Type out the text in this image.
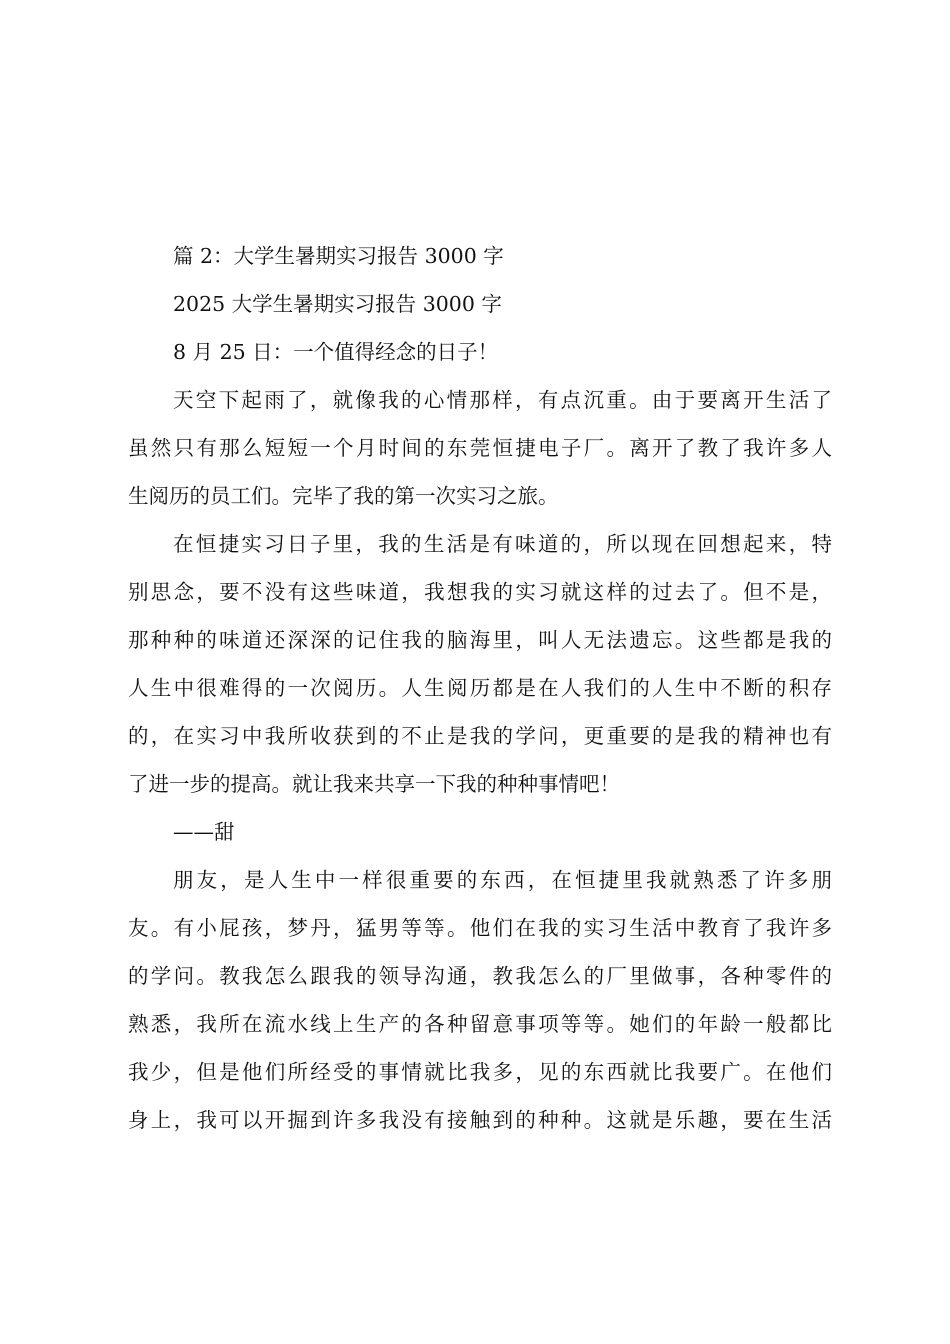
篇 2：大学生暑期实习报告 3000 字

2025 大学生暑期实习报告 3000 字

8 月 25 日：一个值得经念的日子！

天空下起雨了，就像我的心情那样，有点沉重。由于要离开生活了

虽然只有那么短短一个月时间的东莞恒捷电子厂。离开了教了我许多人

生阅历的员工们。完毕了我的第一次实习之旅。

在恒捷实习日子里，我的生活是有味道的，所以现在回想起来，特

别思念，要不没有这些味道，我想我的实习就这样的过去了。但不是，

那种种的味道还深深的记住我的脑海里，叫人无法遗忘。这些都是我的

人生中很难得的一次阅历。人生阅历都是在人我们的人生中不断的积存

的，在实习中我所收获到的不止是我的学问，更重要的是我的精神也有

了进一步的提高。就让我来共享一下我的种种事情吧！

——甜

朋友，是人生中一样很重要的东西，在恒捷里我就熟悉了许多朋

友。有小屁孩，梦丹，猛男等等。他们在我的实习生活中教育了我许多

的学问。教我怎么跟我的领导沟通，教我怎么的厂里做事，各种零件的

熟悉，我所在流水线上生产的各种留意事项等等。她们的年龄一般都比

我少，但是他们所经受的事情就比我多，见的东西就比我要广。在他们

身上，我可以开掘到许多我没有接触到的种种。这就是乐趣，要在生活
